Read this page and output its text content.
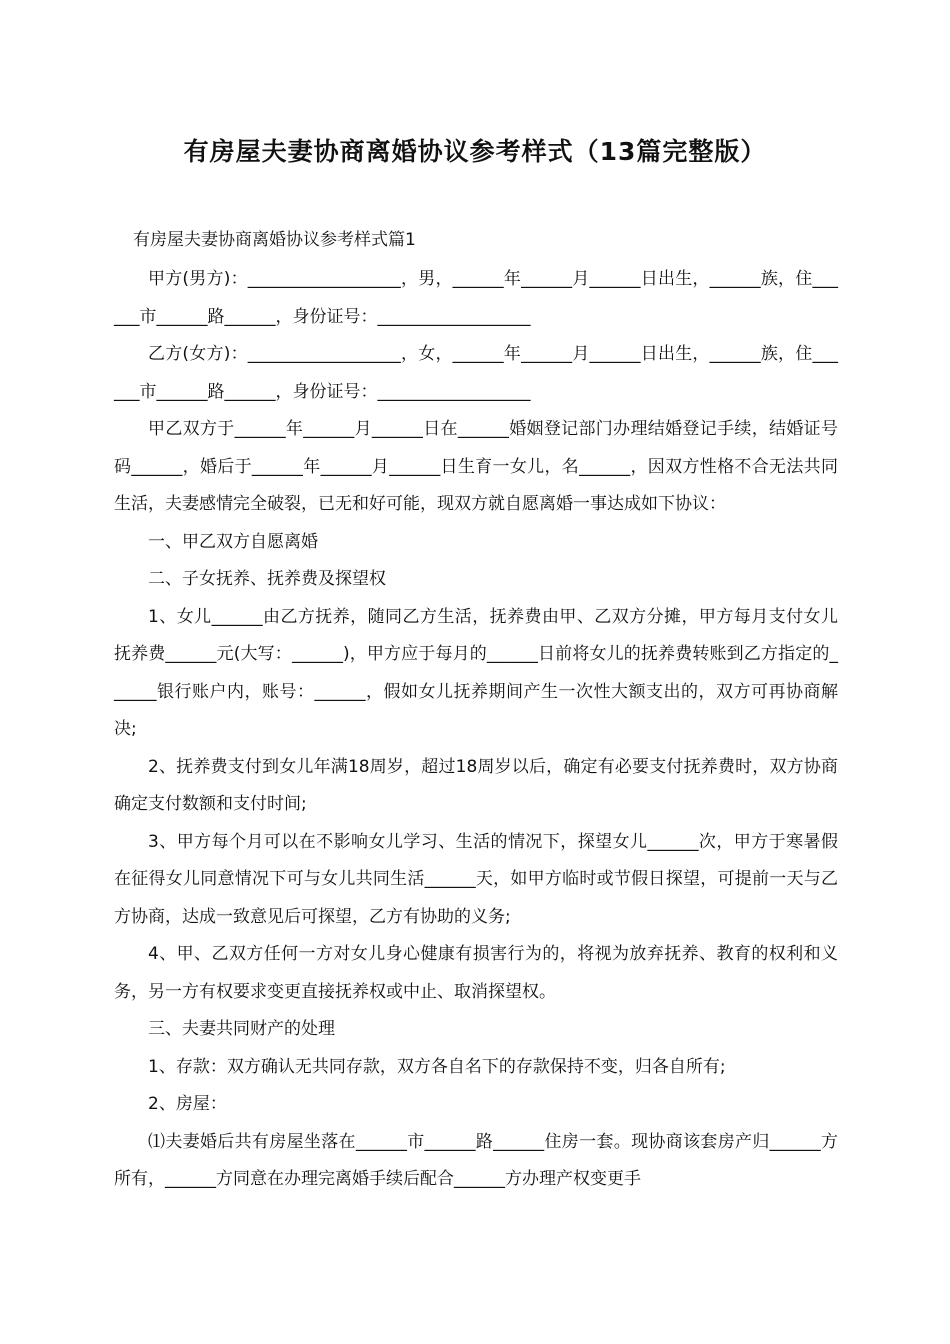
有房屋夫妻协商离婚协议参考样式（13篇完整版）

有房屋夫妻协商离婚协议参考样式篇1

甲方(男方)：__________________，男，______年______月______日出生，______族，住______市______路______，身份证号：__________________

乙方(女方)：__________________，女，______年______月______日出生，______族，住______市______路______，身份证号：__________________

甲乙双方于______年______月______日在______婚姻登记部门办理结婚登记手续，结婚证号码______，婚后于______年______月______日生育一女儿，名______，因双方性格不合无法共同生活，夫妻感情完全破裂，已无和好可能，现双方就自愿离婚一事达成如下协议：

一、甲乙双方自愿离婚

二、子女抚养、抚养费及探望权

1、女儿______由乙方抚养，随同乙方生活，抚养费由甲、乙双方分摊，甲方每月支付女儿抚养费______元(大写：______)，甲方应于每月的______日前将女儿的抚养费转账到乙方指定的______银行账户内，账号：______，假如女儿抚养期间产生一次性大额支出的，双方可再协商解决;

2、抚养费支付到女儿年满18周岁，超过18周岁以后，确定有必要支付抚养费时，双方协商确定支付数额和支付时间;

3、甲方每个月可以在不影响女儿学习、生活的情况下，探望女儿______次，甲方于寒暑假在征得女儿同意情况下可与女儿共同生活______天，如甲方临时或节假日探望，可提前一天与乙方协商，达成一致意见后可探望，乙方有协助的义务;

4、甲、乙双方任何一方对女儿身心健康有损害行为的，将视为放弃抚养、教育的权利和义务，另一方有权要求变更直接抚养权或中止、取消探望权。

三、夫妻共同财产的处理

1、存款：双方确认无共同存款，双方各自名下的存款保持不变，归各自所有;

2、房屋：

⑴夫妻婚后共有房屋坐落在______市______路______住房一套。现协商该套房产归______方所有，______方同意在办理完离婚手续后配合______方办理产权变更手
